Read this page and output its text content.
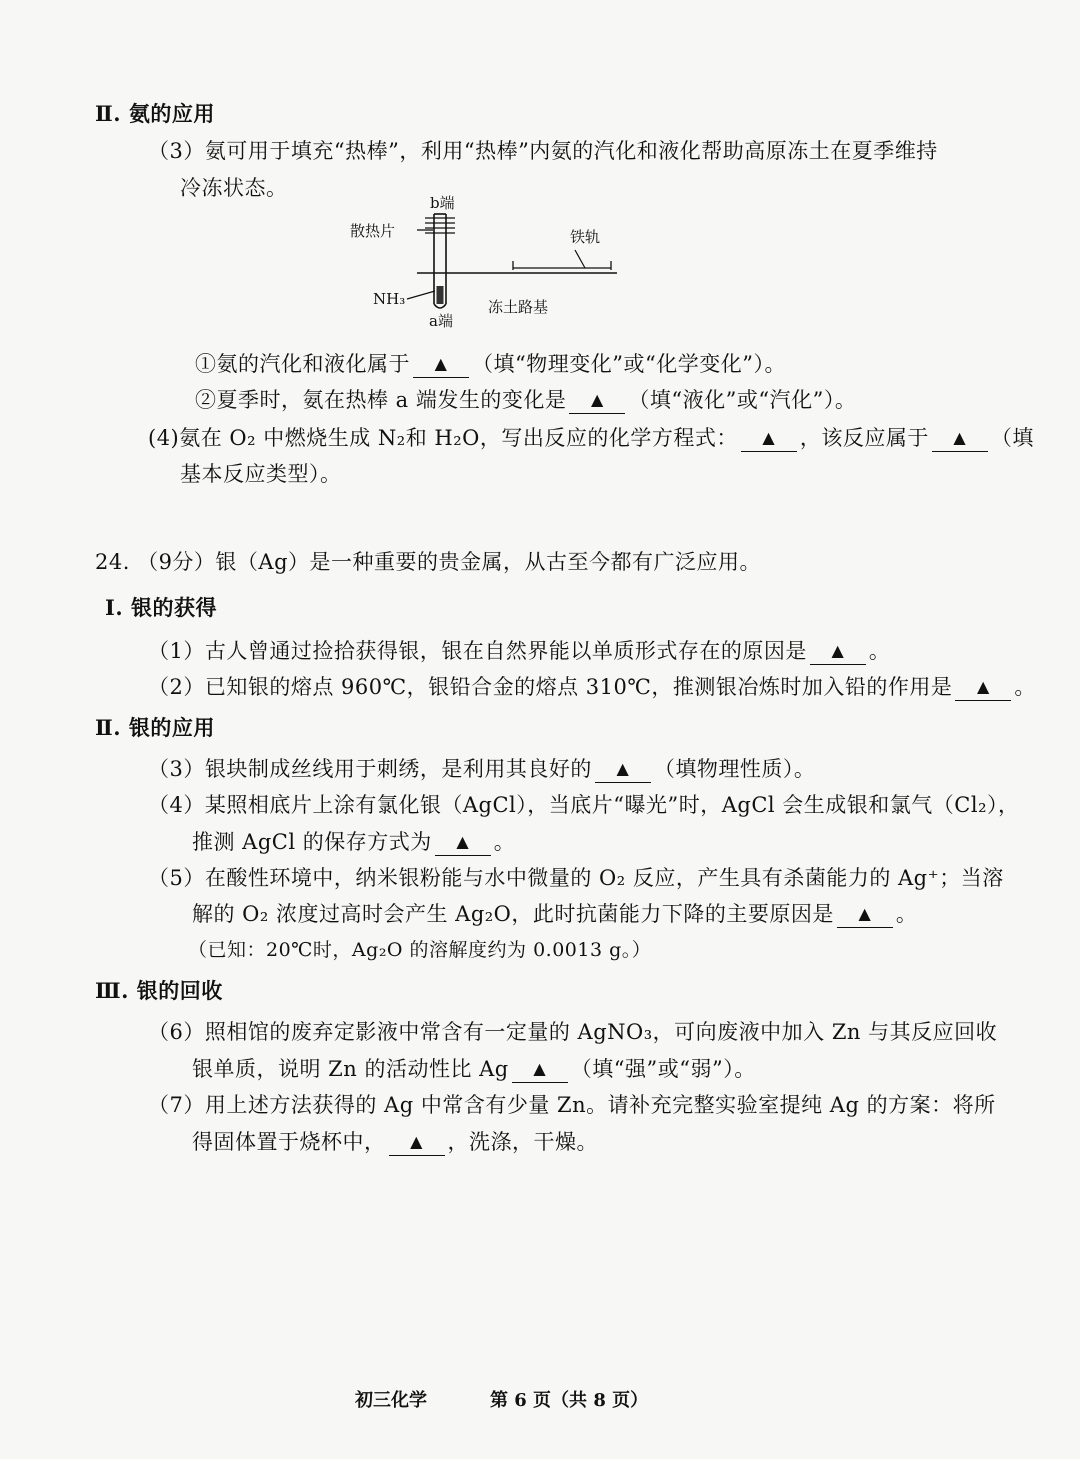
Ⅱ. 氨的应用
（3）氨可用于填充“热棒”，利用“热棒”内氨的汽化和液化帮助高原冻土在夏季维持
冷冻状态。
b端
散热片	铁轨
NH₃
a端
冻土路基
①氨的汽化和液化属于 ▲ （填“物理变化”或“化学变化”）。
②夏季时，氨在热棒 a 端发生的变化是 ▲ （填“液化”或“汽化”）。
(4)氨在 O₂ 中燃烧生成 N₂和 H₂O，写出反应的化学方程式： ▲ ，该反应属于 ▲ （填
基本反应类型）。
24. （9分）银（Ag）是一种重要的贵金属，从古至今都有广泛应用。
Ⅰ. 银的获得
（1）古人曾通过捡拾获得银，银在自然界能以单质形式存在的原因是 ▲ 。
（2）已知银的熔点 960℃，银铅合金的熔点 310℃，推测银冶炼时加入铅的作用是 ▲ 。
Ⅱ. 银的应用
（3）银块制成丝线用于刺绣，是利用其良好的 ▲ （填物理性质）。
（4）某照相底片上涂有氯化银（AgCl），当底片“曝光”时，AgCl 会生成银和氯气（Cl₂），
推测 AgCl 的保存方式为 ▲ 。
（5）在酸性环境中，纳米银粉能与水中微量的 O₂ 反应，产生具有杀菌能力的 Ag⁺；当溶
解的 O₂ 浓度过高时会产生 Ag₂O，此时抗菌能力下降的主要原因是 ▲ 。
（已知：20℃时，Ag₂O 的溶解度约为 0.0013 g。）
Ⅲ. 银的回收
（6）照相馆的废弃定影液中常含有一定量的 AgNO₃，可向废液中加入 Zn 与其反应回收
银单质，说明 Zn 的活动性比 Ag ▲ （填“强”或“弱”）。
（7）用上述方法获得的 Ag 中常含有少量 Zn。请补充完整实验室提纯 Ag 的方案：将所
得固体置于烧杯中， ▲ ，洗涤，干燥。
初三化学	第 6 页（共 8 页）
